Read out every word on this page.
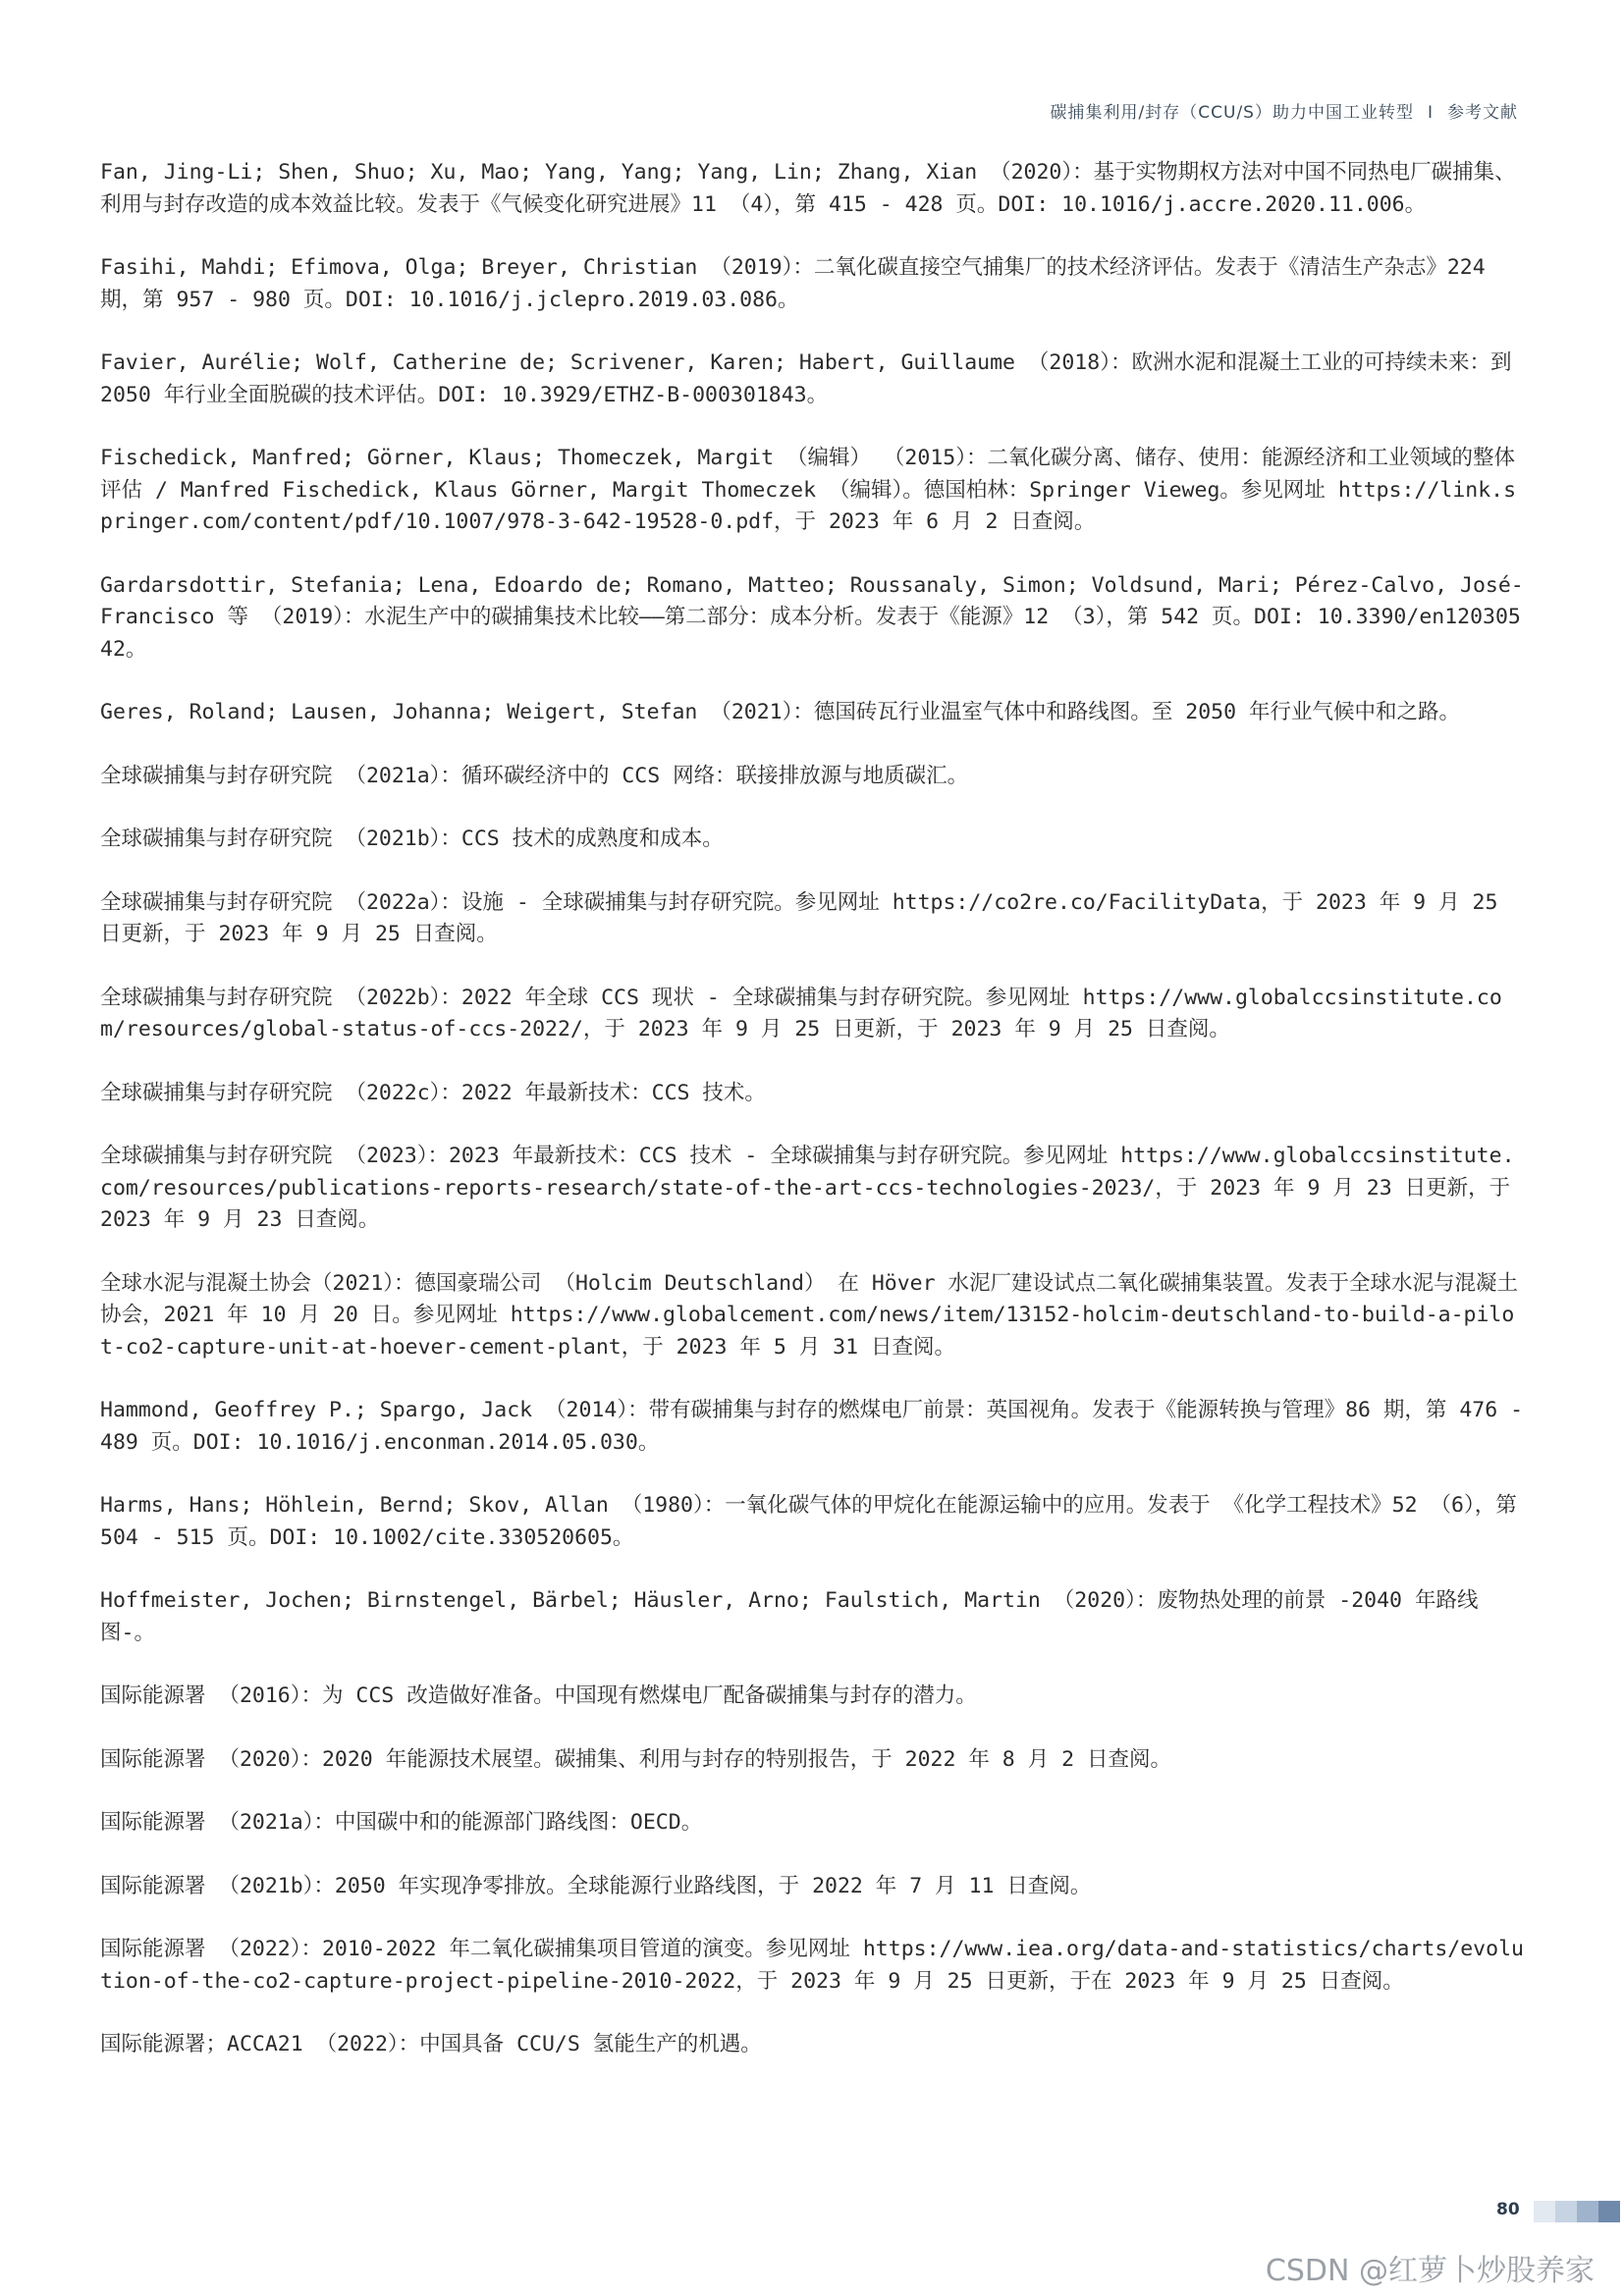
碳捕集利用/封存（CCU/S）助力中国工业转型 I 参考文献
Fan, Jing-Li; Shen, Shuo; Xu, Mao; Yang, Yang; Yang, Lin; Zhang, Xian （2020）：基于实物期权方法对中国不同热电厂碳捕集、利用与封存改造的成本效益比较。发表于《气候变化研究进展》11 （4），第 415 - 428 页。DOI: 10.1016/j.accre.2020.11.006。
Fasihi, Mahdi; Efimova, Olga; Breyer, Christian （2019）：二氧化碳直接空气捕集厂的技术经济评估。发表于《清洁生产杂志》224 期，第 957 - 980 页。DOI: 10.1016/j.jclepro.2019.03.086。
Favier, Aurélie; Wolf, Catherine de; Scrivener, Karen; Habert, Guillaume （2018）：欧洲水泥和混凝土工业的可持续未来：到 2050 年行业全面脱碳的技术评估。DOI: 10.3929/ETHZ-B-000301843。
Fischedick, Manfred; Görner, Klaus; Thomeczek, Margit （编辑） （2015）：二氧化碳分离、储存、使用：能源经济和工业领域的整体评估 / Manfred Fischedick, Klaus Görner, Margit Thomeczek （编辑）。德国柏林：Springer Vieweg。参见网址 https://link.springer.com/content/pdf/10.1007/978-3-642-19528-0.pdf，于 2023 年 6 月 2 日查阅。
Gardarsdottir, Stefania; Lena, Edoardo de; Romano, Matteo; Roussanaly, Simon; Voldsund, Mari; Pérez-Calvo, José-Francisco 等 （2019）：水泥生产中的碳捕集技术比较——第二部分：成本分析。发表于《能源》12 （3），第 542 页。DOI: 10.3390/en12030542。
Geres, Roland; Lausen, Johanna; Weigert, Stefan （2021）：德国砖瓦行业温室气体中和路线图。至 2050 年行业气候中和之路。
全球碳捕集与封存研究院 （2021a）：循环碳经济中的 CCS 网络：联接排放源与地质碳汇。
全球碳捕集与封存研究院 （2021b）：CCS 技术的成熟度和成本。
全球碳捕集与封存研究院 （2022a）：设施 - 全球碳捕集与封存研究院。参见网址 https://co2re.co/FacilityData，于 2023 年 9 月 25 日更新，于 2023 年 9 月 25 日查阅。
全球碳捕集与封存研究院 （2022b）：2022 年全球 CCS 现状 - 全球碳捕集与封存研究院。参见网址 https://www.globalccsinstitute.com/resources/global-status-of-ccs-2022/，于 2023 年 9 月 25 日更新，于 2023 年 9 月 25 日查阅。
全球碳捕集与封存研究院 （2022c）：2022 年最新技术：CCS 技术。
全球碳捕集与封存研究院 （2023）：2023 年最新技术：CCS 技术 - 全球碳捕集与封存研究院。参见网址 https://www.globalccsinstitute.com/resources/publications-reports-research/state-of-the-art-ccs-technologies-2023/，于 2023 年 9 月 23 日更新，于 2023 年 9 月 23 日查阅。
全球水泥与混凝土协会（2021）：德国豪瑞公司 （Holcim Deutschland） 在 Höver 水泥厂建设试点二氧化碳捕集装置。发表于全球水泥与混凝土协会，2021 年 10 月 20 日。参见网址 https://www.globalcement.com/news/item/13152-holcim-deutschland-to-build-a-pilot-co2-capture-unit-at-hoever-cement-plant，于 2023 年 5 月 31 日查阅。
Hammond, Geoffrey P.; Spargo, Jack （2014）：带有碳捕集与封存的燃煤电厂前景：英国视角。发表于《能源转换与管理》86 期，第 476 - 489 页。DOI: 10.1016/j.enconman.2014.05.030。
Harms, Hans; Höhlein, Bernd; Skov, Allan （1980）：一氧化碳气体的甲烷化在能源运输中的应用。发表于 《化学工程技术》52 （6），第 504 - 515 页。DOI: 10.1002/cite.330520605。
Hoffmeister, Jochen; Birnstengel, Bärbel; Häusler, Arno; Faulstich, Martin （2020）：废物热处理的前景 -2040 年路线图-。
国际能源署 （2016）：为 CCS 改造做好准备。中国现有燃煤电厂配备碳捕集与封存的潜力。
国际能源署 （2020）：2020 年能源技术展望。碳捕集、利用与封存的特别报告，于 2022 年 8 月 2 日查阅。
国际能源署 （2021a）：中国碳中和的能源部门路线图：OECD。
国际能源署 （2021b）：2050 年实现净零排放。全球能源行业路线图，于 2022 年 7 月 11 日查阅。
国际能源署 （2022）：2010-2022 年二氧化碳捕集项目管道的演变。参见网址 https://www.iea.org/data-and-statistics/charts/evolution-of-the-co2-capture-project-pipeline-2010-2022，于 2023 年 9 月 25 日更新，于在 2023 年 9 月 25 日查阅。
国际能源署；ACCA21 （2022）：中国具备 CCU/S 氢能生产的机遇。
80
CSDN @红萝卜炒股养家
